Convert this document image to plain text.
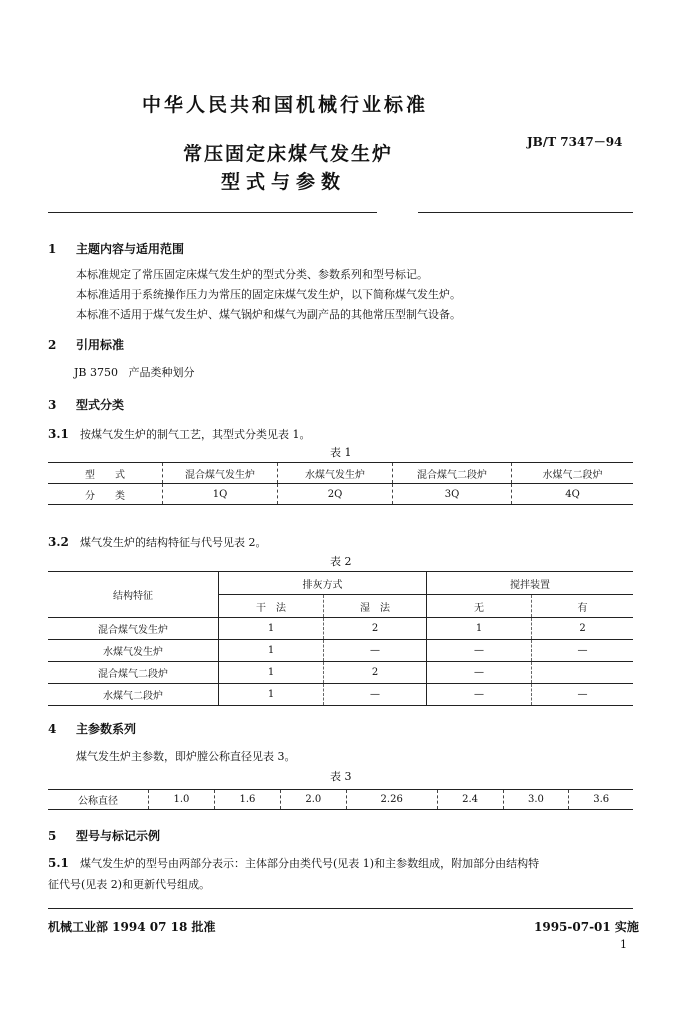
中华人民共和国机械行业标准
JB/T 7347－94
常压固定床煤气发生炉
型式与参数
1 主题内容与适用范围
本标准规定了常压固定床煤气发生炉的型式分类、参数系列和型号标记。
本标准适用于系统操作压力为常压的固定床煤气发生炉，以下简称煤气发生炉。
本标准不适用于煤气发生炉、煤气锅炉和煤气为副产品的其他常压型制气设备。
2 引用标准
JB 3750 产品类种划分
3 型式分类
3.1 按煤气发生炉的制气工艺，其型式分类见表 1。
表 1
型　　式	混合煤气发生炉	水煤气发生炉	混合煤气二段炉	水煤气二段炉
分　　类	1Q	2Q	3Q	4Q
3.2 煤气发生炉的结构特征与代号见表 2。
表 2
结构特征	排灰方式		搅拌装置	
	干　法	湿　法	无	有
混合煤气发生炉	1	2	1	2
水煤气发生炉	1	—	—	—
混合煤气二段炉	1	2	—	
水煤气二段炉	1	—	—	—
4 主参数系列
煤气发生炉主参数，即炉膛公称直径见表 3。
表 3
公称直径	1.0	1.6	2.0	2.26	2.4	3.0	3.6
5 型号与标记示例
5.1 煤气发生炉的型号由两部分表示：主体部分由类代号(见表 1)和主参数组成，附加部分由结构特
征代号(见表 2)和更新代号组成。
机械工业部 1994 07 18 批准	1995-07-01 实施
1
